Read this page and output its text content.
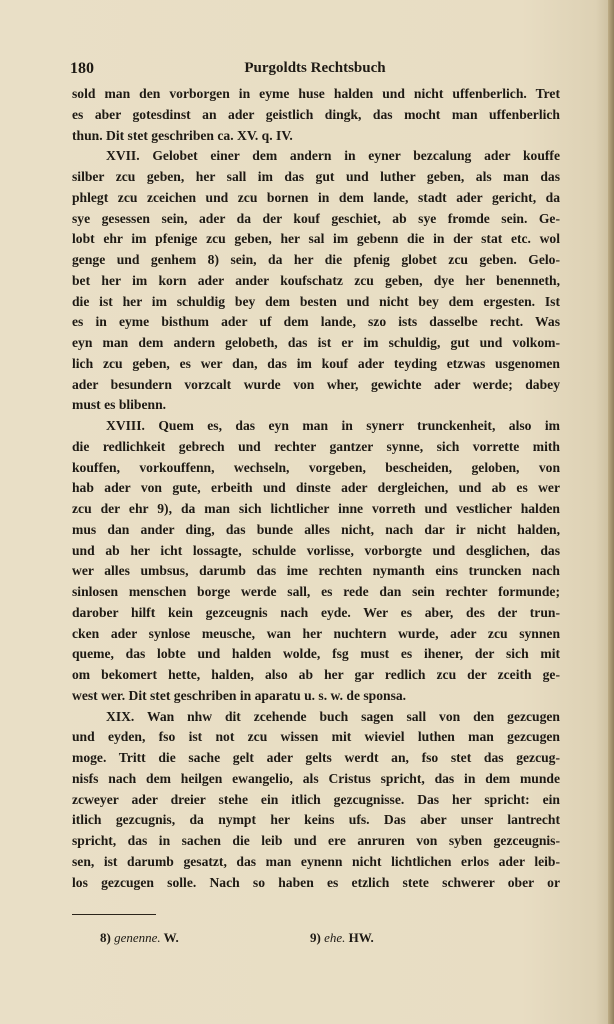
180	Purgoldts Rechtsbuch
sold man den vorborgen in eyme huse halden und nicht uffenberlich. Tret
es aber gotesdinst an ader geistlich dingk, das mocht man uffenberlich
thun. Dit stet geschriben ca. XV. q. IV.
XVII. Gelobet einer dem andern in eyner bezcalung ader kouffe
silber zcu geben, her sall im das gut und luther geben, als man das
phlegt zcu zceichen und zcu bornen in dem lande, stadt ader gericht, da
sye gesessen sein, ader da der kouf geschiet, ab sye fromde sein. Ge-
lobt ehr im pfenige zcu geben, her sal im gebenn die in der stat etc. wol
genge und genhem 8) sein, da her die pfenig globet zcu geben. Gelo-
bet her im korn ader ander koufschatz zcu geben, dye her benenneth,
die ist her im schuldig bey dem besten und nicht bey dem ergesten. Ist
es in eyme bisthum ader uf dem lande, szo ists dasselbe recht. Was
eyn man dem andern gelobeth, das ist er im schuldig, gut und volkom-
lich zcu geben, es wer dan, das im kouf ader teyding etzwas usgenomen
ader besundern vorzcalt wurde von wher, gewichte ader werde; dabey
must es blibenn.
XVIII. Quem es, das eyn man in synerr trunckenheit, also im
die redlichkeit gebrech und rechter gantzer synne, sich vorrette mith
kouffen, vorkouffenn, wechseln, vorgeben, bescheiden, geloben, von
hab ader von gute, erbeith und dinste ader dergleichen, und ab es wer
zcu der ehr 9), da man sich lichtlicher inne vorreth und vestlicher halden
mus dan ander ding, das bunde alles nicht, nach dar ir nicht halden,
und ab her icht lossagte, schulde vorlisse, vorborgte und desglichen, das
wer alles umbsus, darumb das ime rechten nymanth eins truncken nach
sinlosen menschen borge werde sall, es rede dan sein rechter formunde;
darober hilft kein gezceugnis nach eyde. Wer es aber, des der trun-
cken ader synlose meusche, wan her nuchtern wurde, ader zcu synnen
queme, das lobte und halden wolde, fsg must es ihener, der sich mit
om bekomert hette, halden, also ab her gar redlich zcu der zceith ge-
west wer. Dit stet geschriben in aparatu u. s. w. de sponsa.
XIX. Wan nhw dit zcehende buch sagen sall von den gezcugen
und eyden, fso ist not zcu wissen mit wieviel luthen man gezcugen
moge. Tritt die sache gelt ader gelts werdt an, fso stet das gezcug-
nisfs nach dem heilgen ewangelio, als Cristus spricht, das in dem munde
zcweyer ader dreier stehe ein itlich gezcugnisse. Das her spricht: ein
itlich gezcugnis, da nympt her keins ufs. Das aber unser lantrecht
spricht, das in sachen die leib und ere anruren von syben gezceugnis-
sen, ist darumb gesatzt, das man eynenn nicht lichtlichen erlos ader leib-
los gezcugen solle. Nach so haben es etzlich stete schwerer ober or
8) genenne. W.	9) ehe. HW.
